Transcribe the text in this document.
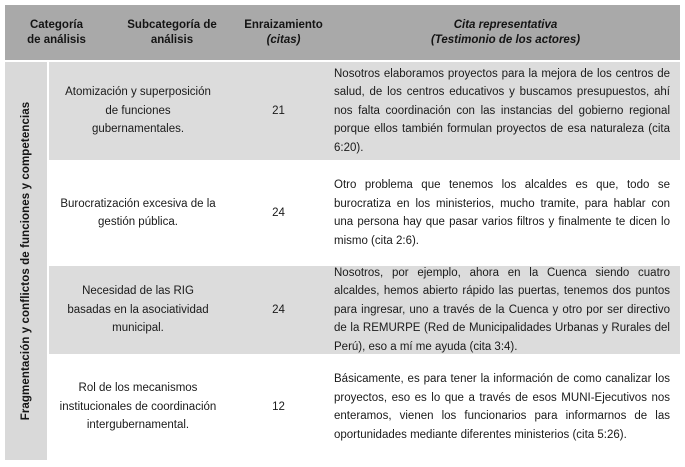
Categoría
de análisis
Subcategoría de
análisis
Enraizamiento
(citas)
Cita representativa
(Testimonio de los actores)
Fragmentación y conflictos de funciones y competencias
Atomización y superposición de funciones gubernamentales.
21

Nosotros elaboramos proyectos para la mejora de los centros de salud, de los centros educativos y buscamos presupuestos, ahí nos falta coordinación con las instancias del gobierno regional porque ellos también formulan proyectos de esa naturaleza (cita 6:20).

Burocratización excesiva de la gestión pública.
24

Otro problema que tenemos los alcaldes es que, todo se burocratiza en los ministerios, mucho tramite, para hablar con una persona hay que pasar varios filtros y finalmente te dicen lo mismo (cita 2:6).

Necesidad de las RIG basadas en la asociatividad municipal.
24

Nosotros, por ejemplo, ahora en la Cuenca siendo cuatro alcaldes, hemos abierto rápido las puertas, tenemos dos puntos para ingresar, uno a través de la Cuenca y otro por ser directivo de la REMURPE (Red de Municipalidades Urbanas y Rurales del Perú), eso a mí me ayuda (cita 3:4).

Rol de los mecanismos institucionales de coordinación intergubernamental.
12

Básicamente, es para tener la información de como canalizar los proyectos, eso es lo que a través de esos MUNI-Ejecutivos nos enteramos, vienen los funcionarios para informarnos de las oportunidades mediante diferentes ministerios (cita 5:26).
